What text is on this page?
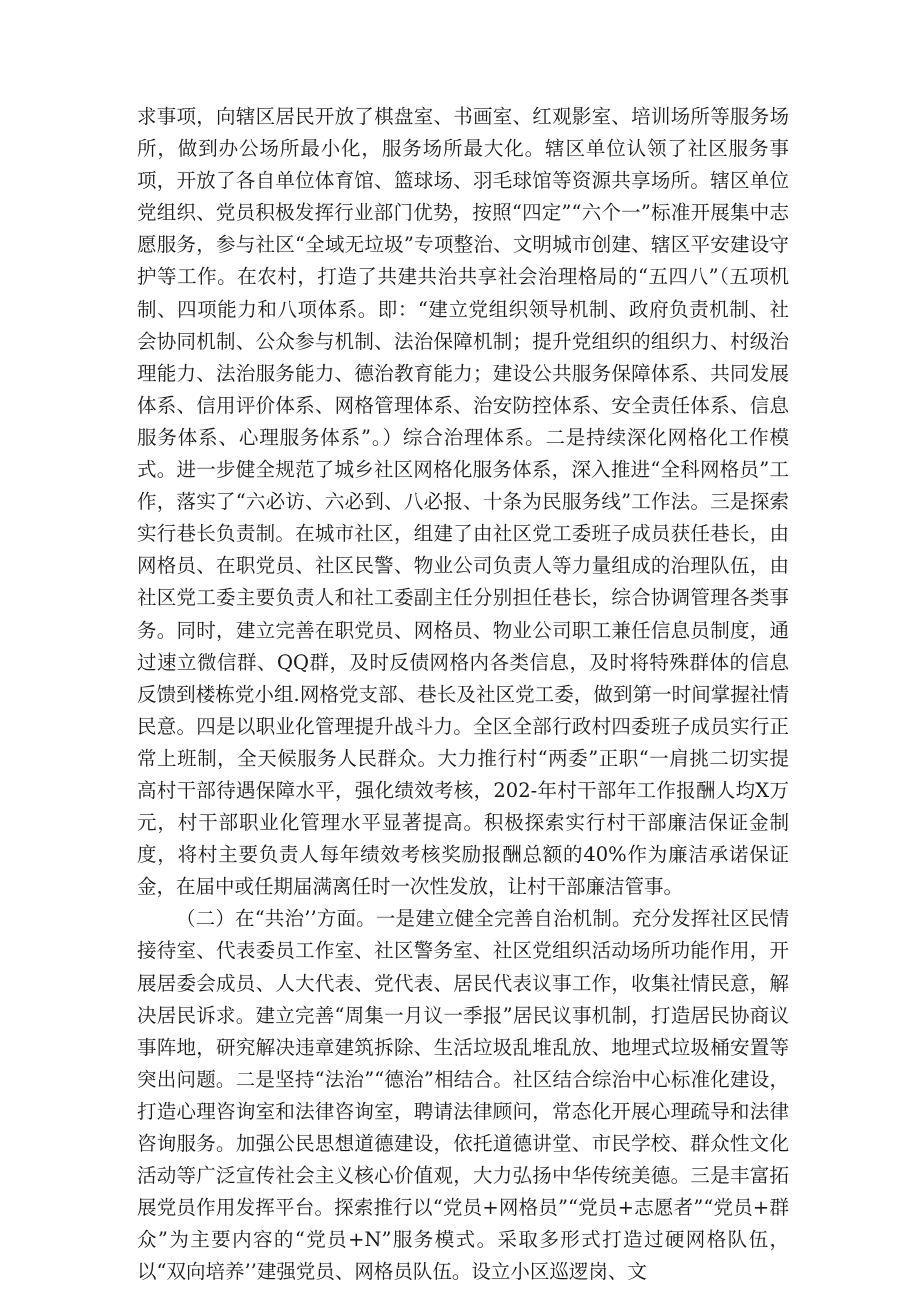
求事项，向辖区居民开放了棋盘室、书画室、红观影室、培训场所等服务场所，做到办公场所最小化，服务场所最大化。辖区单位认领了社区服务事项，开放了各自单位体育馆、篮球场、羽毛球馆等资源共享场所。辖区单位党组织、党员积极发挥行业部门优势，按照“四定”“六个一”标准开展集中志愿服务，参与社区“全域无垃圾”专项整治、文明城市创建、辖区平安建设守护等工作。在农村，打造了共建共治共享社会治理格局的“五四八”（五项机制、四项能力和八项体系。即：“建立党组织领导机制、政府负责机制、社会协同机制、公众参与机制、法治保障机制；提升党组织的组织力、村级治理能力、法治服务能力、德治教育能力；建设公共服务保障体系、共同发展体系、信用评价体系、网格管理体系、治安防控体系、安全责任体系、信息服务体系、心理服务体系”。）综合治理体系。二是持续深化网格化工作模式。进一步健全规范了城乡社区网格化服务体系，深入推进“全科网格员”工作，落实了“六必访、六必到、八必报、十条为民服务线”工作法。三是探索实行巷长负责制。在城市社区，组建了由社区党工委班子成员获任巷长，由网格员、在职党员、社区民警、物业公司负责人等力量组成的治理队伍，由社区党工委主要负责人和社工委副主任分别担任巷长，综合协调管理各类事务。同时，建立完善在职党员、网格员、物业公司职工兼任信息员制度，通过速立微信群、QQ群，及时反债网格内各类信息，及时将特殊群体的信息反馈到楼栋党小组.网格党支部、巷长及社区党工委，做到第一时间掌握社情民意。四是以职业化管理提升战斗力。全区全部行政村四委班子成员实行正常上班制，全天候服务人民群众。大力推行村“两委”正职“一肩挑二切实提高村干部待遇保障水平，强化绩效考核，202-年村干部年工作报酬人均X万元，村干部职业化管理水平显著提高。积极探索实行村干部廉洁保证金制度，将村主要负责人每年绩效考核奖励报酬总额的40%作为廉洁承诺保证金，在届中或任期届满离任时一次性发放，让村干部廉洁管事。

（二）在“共治’’方面。一是建立健全完善自治机制。充分发挥社区民情接待室、代表委员工作室、社区警务室、社区党组织活动场所功能作用，开展居委会成员、人大代表、党代表、居民代表议事工作，收集社情民意，解决居民诉求。建立完善“周集一月议一季报”居民议事机制，打造居民协商议事阵地，研究解决违章建筑拆除、生活垃圾乱堆乱放、地埋式垃圾桶安置等突出问题。二是坚持“法治”“德治”相结合。社区结合综治中心标准化建设，打造心理咨询室和法律咨询室，聘请法律顾问，常态化开展心理疏导和法律咨询服务。加强公民思想道德建设，依托道德讲堂、市民学校、群众性文化活动等广泛宣传社会主义核心价值观，大力弘扬中华传统美德。三是丰富拓展党员作用发挥平台。探索推行以“党员+网格员”“党员+志愿者”“党员+群众”为主要内容的“党员+N”服务模式。采取多形式打造过硬网格队伍，以“双向培养’’建强党员、网格员队伍。设立小区巡逻岗、文
